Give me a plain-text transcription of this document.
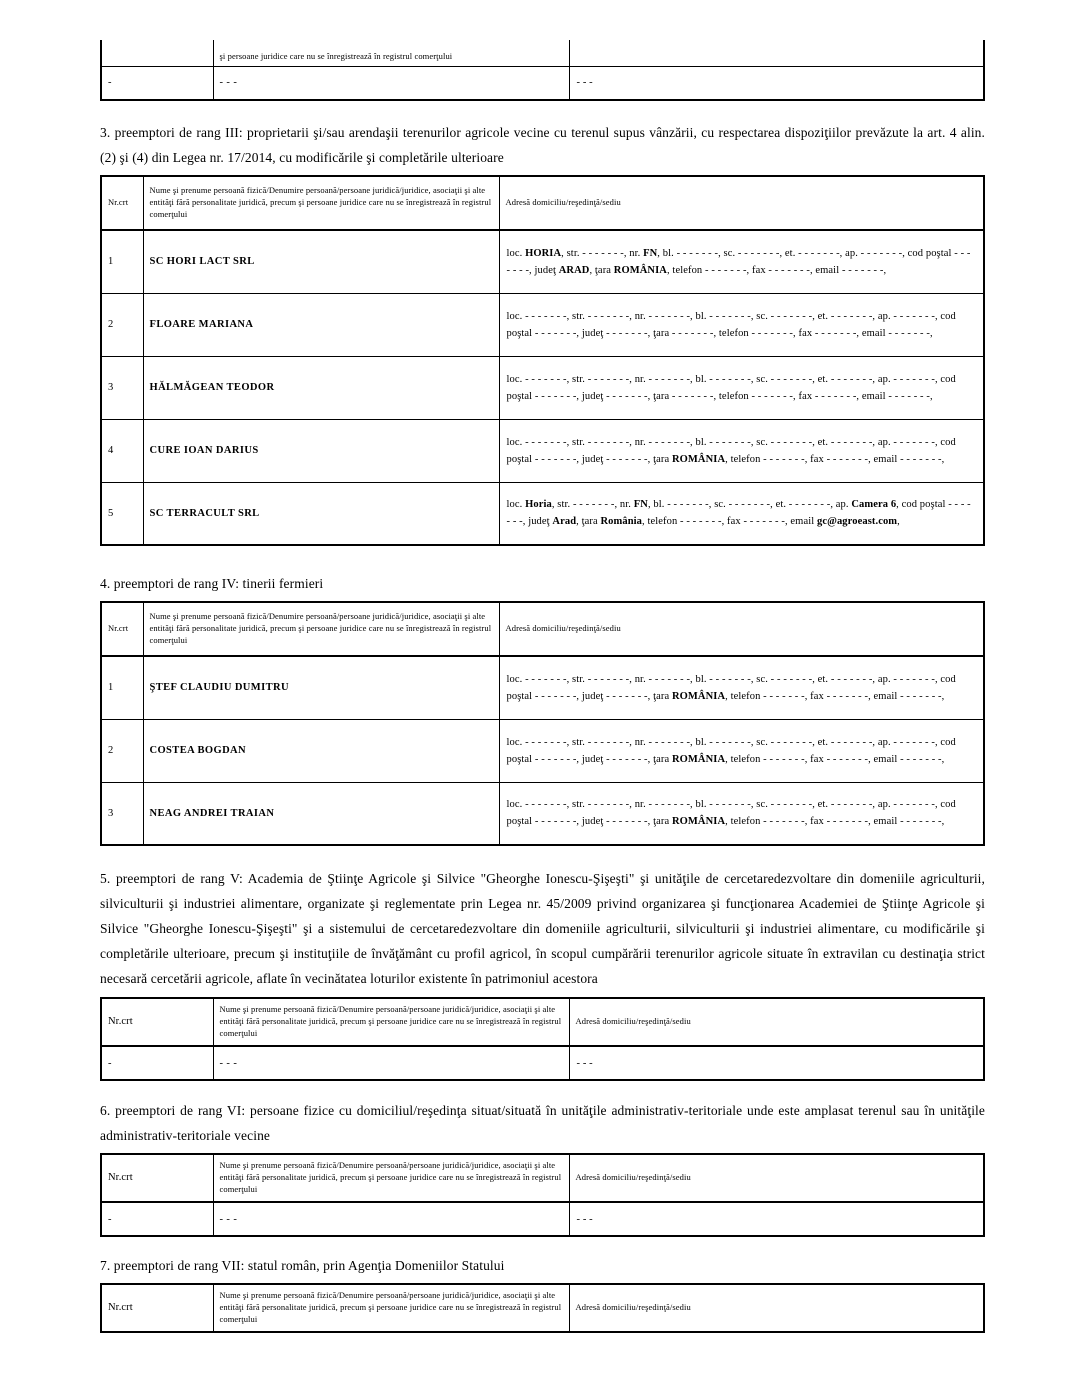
	şi persoane juridice care nu se înregistrează în registrul comerţului	
-	- - -	- - -

3. preemptori de rang III: proprietarii şi/sau arendaşii terenurilor agricole vecine cu terenul supus vânzării, cu respectarea dispoziţiilor prevăzute la art. 4 alin. (2) şi (4) din Legea nr. 17/2014, cu modificările şi completările ulterioare

Nr.crt	Nume şi prenume persoană fizică/Denumire persoană/persoane juridică/juridice, asociaţii şi alte entităţi fără personalitate juridică, precum şi persoane juridice care nu se înregistrează în registrul comerţului	Adresă domiciliu/reşedinţă/sediu
1	SC HORI LACT SRL	loc. HORIA, str. - - - - - - -, nr. FN, bl. - - - - - - -, sc. - - - - - - -, et. - - - - - - -, ap. - - - - - - -, cod poştal - - - - - - -, judeţ ARAD, ţara ROMÂNIA, telefon - - - - - - -, fax - - - - - - -, email - - - - - - -,
2	FLOARE MARIANA	loc. - - - - - - -, str. - - - - - - -, nr. - - - - - - -, bl. - - - - - - -, sc. - - - - - - -, et. - - - - - - -, ap. - - - - - - -, cod poştal - - - - - - -, judeţ - - - - - - -, ţara - - - - - - -, telefon - - - - - - -, fax - - - - - - -, email - - - - - - -,
3	HĂLMĂGEAN TEODOR	loc. - - - - - - -, str. - - - - - - -, nr. - - - - - - -, bl. - - - - - - -, sc. - - - - - - -, et. - - - - - - -, ap. - - - - - - -, cod poştal - - - - - - -, judeţ - - - - - - -, ţara - - - - - - -, telefon - - - - - - -, fax - - - - - - -, email - - - - - - -,
4	CURE IOAN DARIUS	loc. - - - - - - -, str. - - - - - - -, nr. - - - - - - -, bl. - - - - - - -, sc. - - - - - - -, et. - - - - - - -, ap. - - - - - - -, cod poştal - - - - - - -, judeţ - - - - - - -, ţara ROMÂNIA, telefon - - - - - - -, fax - - - - - - -, email - - - - - - -,
5	SC TERRACULT SRL	loc. Horia, str. - - - - - - -, nr. FN, bl. - - - - - - -, sc. - - - - - - -, et. - - - - - - -, ap. Camera 6, cod poştal - - - - - - -, judeţ Arad, ţara România, telefon - - - - - - -, fax - - - - - - -, email gc@agroeast.com,

4. preemptori de rang IV: tinerii fermieri

Nr.crt	Nume şi prenume persoană fizică/Denumire persoană/persoane juridică/juridice, asociaţii şi alte entităţi fără personalitate juridică, precum şi persoane juridice care nu se înregistrează în registrul comerţului	Adresă domiciliu/reşedinţă/sediu
1	ŞTEF CLAUDIU DUMITRU	loc. - - - - - - -, str. - - - - - - -, nr. - - - - - - -, bl. - - - - - - -, sc. - - - - - - -, et. - - - - - - -, ap. - - - - - - -, cod poştal - - - - - - -, judeţ - - - - - - -, ţara ROMÂNIA, telefon - - - - - - -, fax - - - - - - -, email - - - - - - -,
2	COSTEA BOGDAN	loc. - - - - - - -, str. - - - - - - -, nr. - - - - - - -, bl. - - - - - - -, sc. - - - - - - -, et. - - - - - - -, ap. - - - - - - -, cod poştal - - - - - - -, judeţ - - - - - - -, ţara ROMÂNIA, telefon - - - - - - -, fax - - - - - - -, email - - - - - - -,
3	NEAG ANDREI TRAIAN	loc. - - - - - - -, str. - - - - - - -, nr. - - - - - - -, bl. - - - - - - -, sc. - - - - - - -, et. - - - - - - -, ap. - - - - - - -, cod poştal - - - - - - -, judeţ - - - - - - -, ţara ROMÂNIA, telefon - - - - - - -, fax - - - - - - -, email - - - - - - -,

5. preemptori de rang V: Academia de Ştiinţe Agricole şi Silvice "Gheorghe Ionescu-Şişeşti" şi unităţile de cercetaredezvoltare din domeniile agriculturii, silviculturii şi industriei alimentare, organizate şi reglementate prin Legea nr. 45/2009 privind organizarea şi funcţionarea Academiei de Ştiinţe Agricole şi Silvice "Gheorghe Ionescu-Şişeşti" şi a sistemului de cercetaredezvoltare din domeniile agriculturii, silviculturii şi industriei alimentare, cu modificările şi completările ulterioare, precum şi instituţiile de învăţământ cu profil agricol, în scopul cumpărării terenurilor agricole situate în extravilan cu destinaţia strict necesară cercetării agricole, aflate în vecinătatea loturilor existente în patrimoniul acestora

Nr.crt	Nume şi prenume persoană fizică/Denumire persoană/persoane juridică/juridice, asociaţii şi alte entităţi fără personalitate juridică, precum şi persoane juridice care nu se înregistrează în registrul comerţului	Adresă domiciliu/reşedinţă/sediu
-	- - -	- - -

6. preemptori de rang VI: persoane fizice cu domiciliul/reşedinţa situat/situată în unităţile administrativ-teritoriale unde este amplasat terenul sau în unităţile administrativ-teritoriale vecine

Nr.crt	Nume şi prenume persoană fizică/Denumire persoană/persoane juridică/juridice, asociaţii şi alte entităţi fără personalitate juridică, precum şi persoane juridice care nu se înregistrează în registrul comerţului	Adresă domiciliu/reşedinţă/sediu
-	- - -	- - -

7. preemptori de rang VII: statul român, prin Agenţia Domeniilor Statului

Nr.crt	Nume şi prenume persoană fizică/Denumire persoană/persoane juridică/juridice, asociaţii şi alte entităţi fără personalitate juridică, precum şi persoane juridice care nu se înregistrează în registrul comerţului	Adresă domiciliu/reşedinţă/sediu
